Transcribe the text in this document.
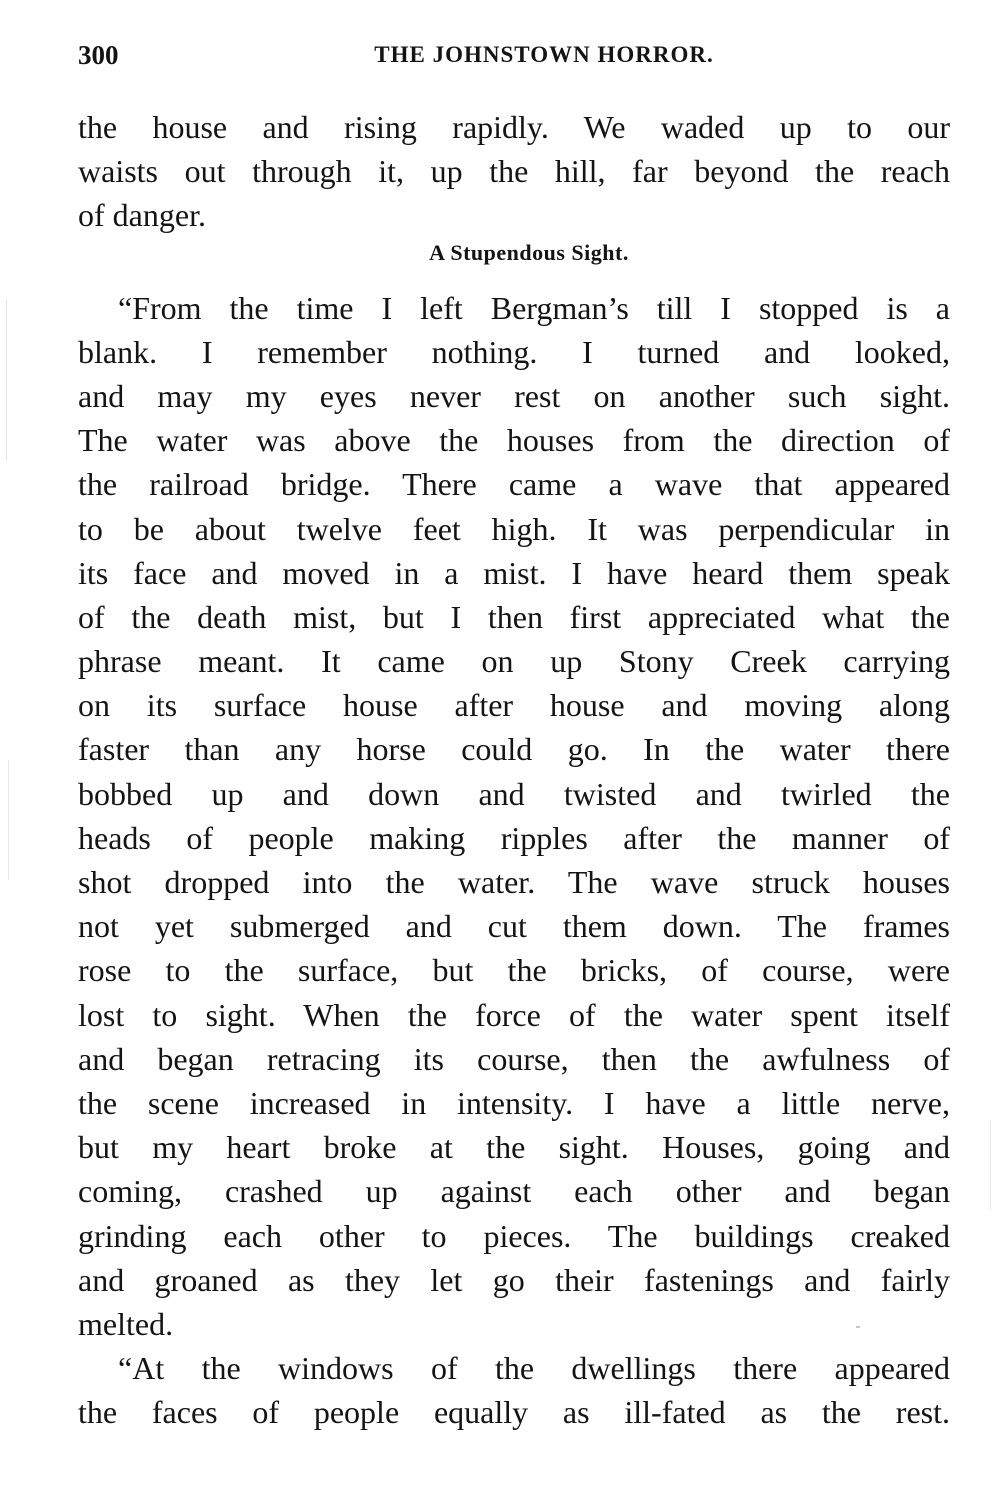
300	THE JOHNSTOWN HORROR.
the house and rising rapidly. We waded up to our
waists out through it, up the hill, far beyond the reach
of danger.
A Stupendous Sight.
“From the time I left Bergman’s till I stopped is a
blank. I remember nothing. I turned and looked,
and may my eyes never rest on another such sight.
The water was above the houses from the direction of
the railroad bridge. There came a wave that appeared
to be about twelve feet high. It was perpendicular in
its face and moved in a mist. I have heard them speak
of the death mist, but I then first appreciated what the
phrase meant. It came on up Stony Creek carrying
on its surface house after house and moving along
faster than any horse could go. In the water there
bobbed up and down and twisted and twirled the
heads of people making ripples after the manner of
shot dropped into the water. The wave struck houses
not yet submerged and cut them down. The frames
rose to the surface, but the bricks, of course, were
lost to sight. When the force of the water spent itself
and began retracing its course, then the awfulness of
the scene increased in intensity. I have a little nerve,
but my heart broke at the sight. Houses, going and
coming, crashed up against each other and began
grinding each other to pieces. The buildings creaked
and groaned as they let go their fastenings and fairly
melted.
“At the windows of the dwellings there appeared
the faces of people equally as ill-fated as the rest.
